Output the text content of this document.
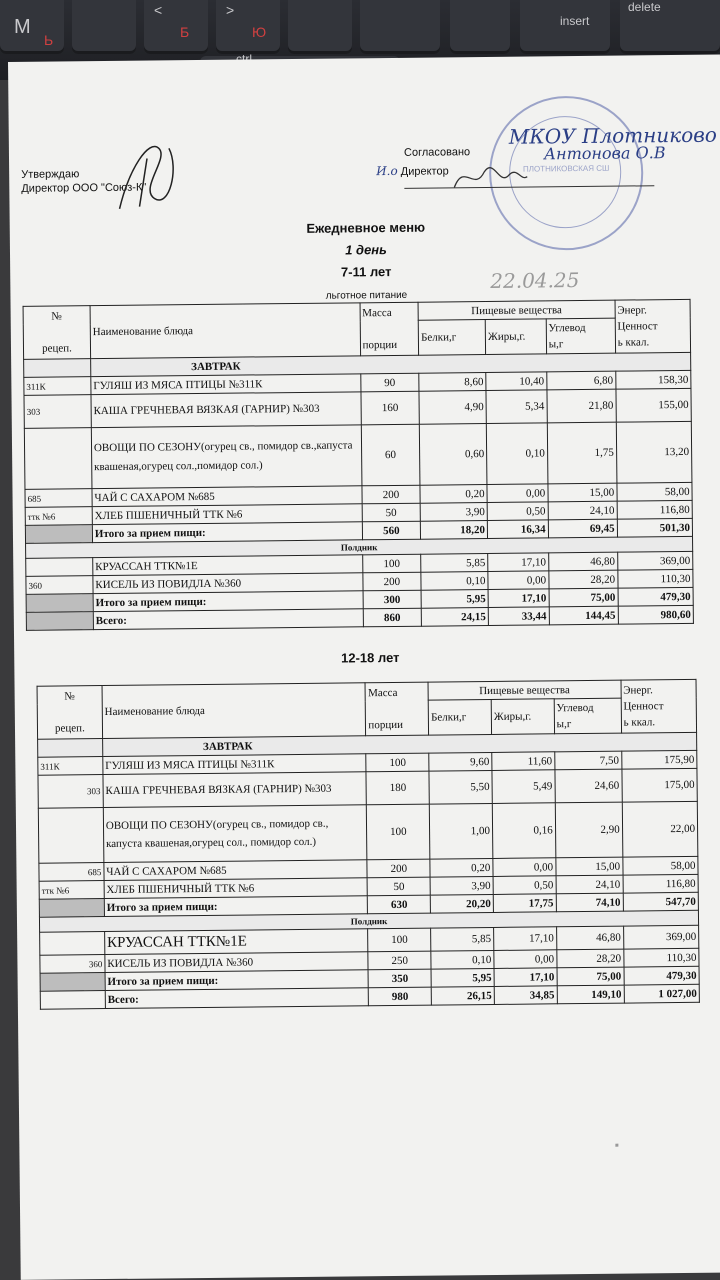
М
Ь
<
Б
>
Ю
insert
delete
Утверждаю
Директор ООО "Союз-К"
ПЛОТНИКОВСКАЯ СШ
МКОУ Плотниково
Антонова О.В
Согласовано
И.о Директор
22.04.25
Ежедневное меню
1 день
7-11 лет
льготное питание
№

рецеп.	Наименование блюда	Масса

порции	Пищевые вещества			Энерг.
Ценност
ь ккал.
			Белки,г	Жиры,г.	Углевод
ы,г	
	ЗАВТРАК					
311К	ГУЛЯШ ИЗ МЯСА ПТИЦЫ №311К	90	8,60	10,40	6,80	158,30
303	КАША ГРЕЧНЕВАЯ ВЯЗКАЯ (ГАРНИР) №303	160	4,90	5,34	21,80	155,00
	ОВОЩИ ПО СЕЗОНУ(огурец св., помидор св.,капуста квашеная,огурец сол.,помидор сол.)	60	0,60	0,10	1,75	13,20
685	ЧАЙ С САХАРОМ №685	200	0,20	0,00	15,00	58,00
ттк №6	ХЛЕБ ПШЕНИЧНЫЙ ТТК №6	50	3,90	0,50	24,10	116,80
	Итого за прием пищи:	560	18,20	16,34	69,45	501,30
Полдник						
	КРУАССАН ТТК№1Е	100	5,85	17,10	46,80	369,00
360	КИСЕЛЬ ИЗ ПОВИДЛА №360	200	0,10	0,00	28,20	110,30
	Итого за прием пищи:	300	5,95	17,10	75,00	479,30
	Всего:	860	24,15	33,44	144,45	980,60
12-18 лет
№

рецеп.	Наименование блюда	Масса

порции	Пищевые вещества			Энерг.
Ценност
ь ккал.
			Белки,г	Жиры,г.	Углевод
ы,г	
	ЗАВТРАК					
311К	ГУЛЯШ ИЗ МЯСА ПТИЦЫ №311К	100	9,60	11,60	7,50	175,90
303	КАША ГРЕЧНЕВАЯ ВЯЗКАЯ (ГАРНИР) №303	180	5,50	5,49	24,60	175,00
	ОВОЩИ ПО СЕЗОНУ(огурец св., помидор св., капуста квашеная,огурец сол., помидор сол.)	100	1,00	0,16	2,90	22,00
685	ЧАЙ С САХАРОМ №685	200	0,20	0,00	15,00	58,00
ттк №6	ХЛЕБ ПШЕНИЧНЫЙ ТТК №6	50	3,90	0,50	24,10	116,80
	Итого за прием пищи:	630	20,20	17,75	74,10	547,70
Полдник						
	КРУАССАН ТТК№1Е	100	5,85	17,10	46,80	369,00
360	КИСЕЛЬ ИЗ ПОВИДЛА №360	250	0,10	0,00	28,20	110,30
	Итого за прием пищи:	350	5,95	17,10	75,00	479,30
	Всего:	980	26,15	34,85	149,10	1 027,00
